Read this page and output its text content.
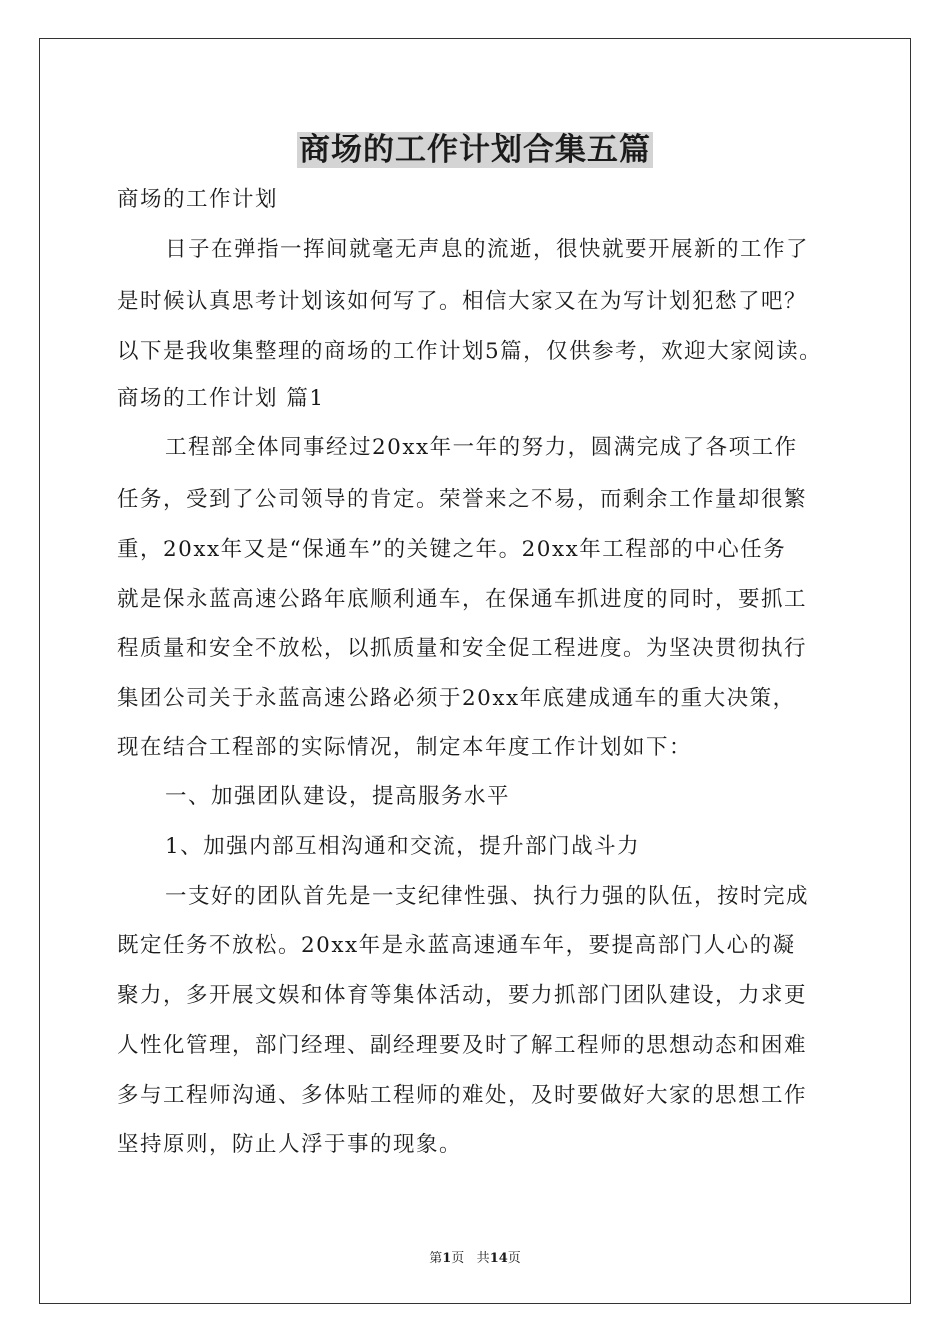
商场的工作计划合集五篇
商场的工作计划
日子在弹指一挥间就毫无声息的流逝，很快就要开展新的工作了
是时候认真思考计划该如何写了。相信大家又在为写计划犯愁了吧？
以下是我收集整理的商场的工作计划5篇，仅供参考，欢迎大家阅读。
商场的工作计划 篇1
工程部全体同事经过20xx年一年的努力，圆满完成了各项工作
任务，受到了公司领导的肯定。荣誉来之不易，而剩余工作量却很繁
重，20xx年又是“保通车”的关键之年。20xx年工程部的中心任务
就是保永蓝高速公路年底顺利通车，在保通车抓进度的同时，要抓工
程质量和安全不放松，以抓质量和安全促工程进度。为坚决贯彻执行
集团公司关于永蓝高速公路必须于20xx年底建成通车的重大决策，
现在结合工程部的实际情况，制定本年度工作计划如下：
一、加强团队建设，提高服务水平
1、加强内部互相沟通和交流，提升部门战斗力
一支好的团队首先是一支纪律性强、执行力强的队伍，按时完成
既定任务不放松。20xx年是永蓝高速通车年，要提高部门人心的凝
聚力，多开展文娱和体育等集体活动，要力抓部门团队建设，力求更
人性化管理，部门经理、副经理要及时了解工程师的思想动态和困难
多与工程师沟通、多体贴工程师的难处，及时要做好大家的思想工作
坚持原则，防止人浮于事的现象。
第1页 共14页
